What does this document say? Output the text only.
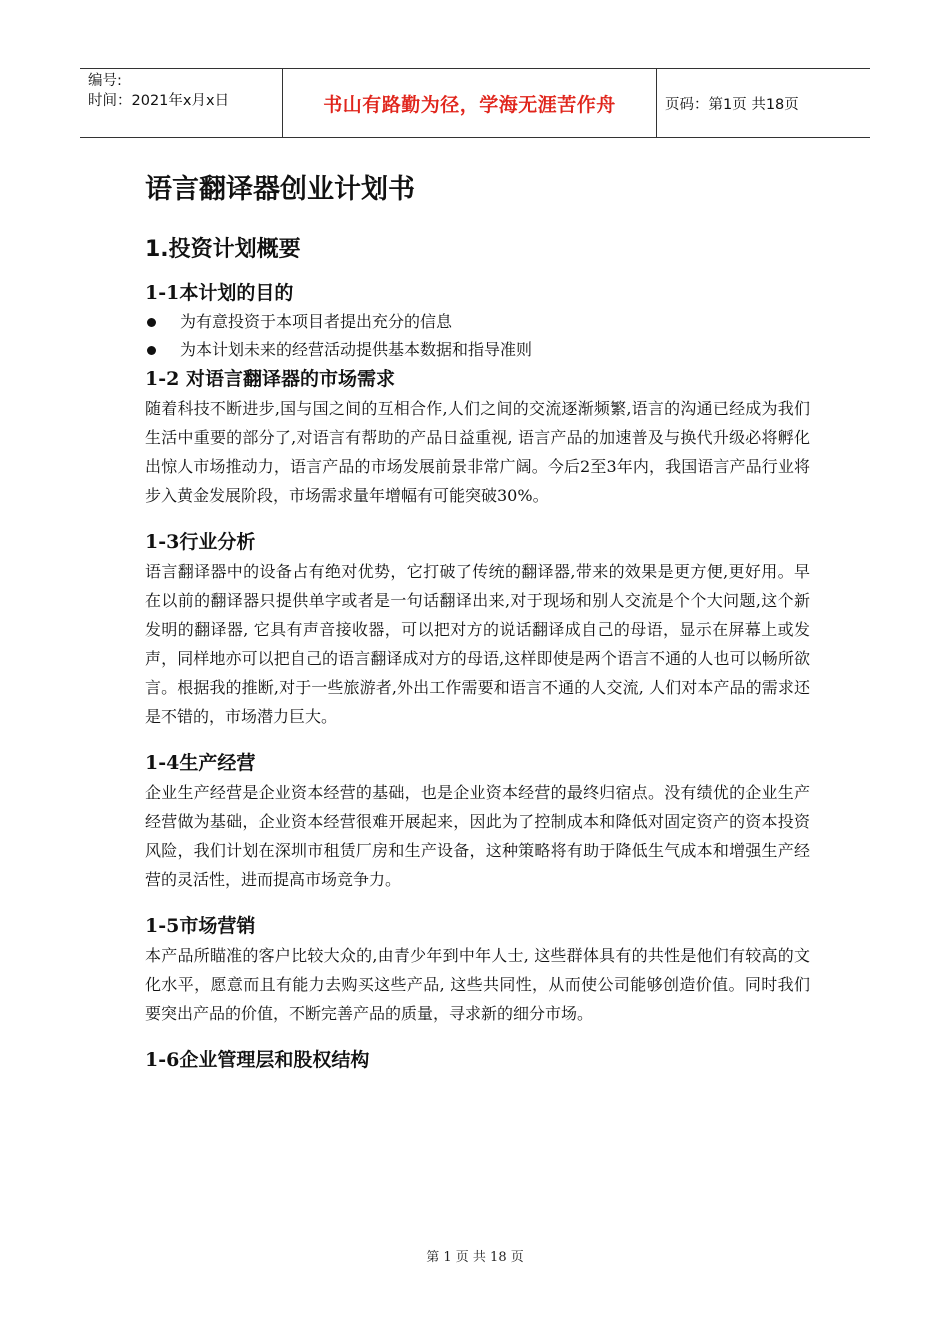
编号:
时间：2021年x月x日	书山有路勤为径，学海无涯苦作舟	页码：第1页 共18页
语言翻译器创业计划书
1.投资计划概要
1-1本计划的目的
为有意投资于本项目者提出充分的信息
为本计划未来的经营活动提供基本数据和指导准则
1-2 对语言翻译器的市场需求

随着科技不断进步,国与国之间的互相合作,人们之间的交流逐渐频繁,语言的沟通已经成为我们生活中重要的部分了,对语言有帮助的产品日益重视, 语言产品的加速普及与换代升级必将孵化出惊人市场推动力，语言产品的市场发展前景非常广阔。今后2至3年内，我国语言产品行业将步入黄金发展阶段，市场需求量年增幅有可能突破30%。

1-3行业分析

语言翻译器中的设备占有绝对优势，它打破了传统的翻译器,带来的效果是更方便,更好用。早在以前的翻译器只提供单字或者是一句话翻译出来,对于现场和别人交流是个个大问题,这个新发明的翻译器, 它具有声音接收器，可以把对方的说话翻译成自己的母语，显示在屏幕上或发声，同样地亦可以把自己的语言翻译成对方的母语,这样即使是两个语言不通的人也可以畅所欲言。根据我的推断,对于一些旅游者,外出工作需要和语言不通的人交流, 人们对本产品的需求还是不错的，市场潜力巨大。

1-4生产经营

企业生产经营是企业资本经营的基础，也是企业资本经营的最终归宿点。没有绩优的企业生产经营做为基础，企业资本经营很难开展起来，因此为了控制成本和降低对固定资产的资本投资风险，我们计划在深圳市租赁厂房和生产设备，这种策略将有助于降低生气成本和增强生产经营的灵活性，进而提高市场竞争力。

1-5市场营销

本产品所瞄准的客户比较大众的,由青少年到中年人士, 这些群体具有的共性是他们有较高的文化水平，愿意而且有能力去购买这些产品, 这些共同性，从而使公司能够创造价值。同时我们要突出产品的价值，不断完善产品的质量，寻求新的细分市场。

1-6企业管理层和股权结构
第 1 页 共 18 页
